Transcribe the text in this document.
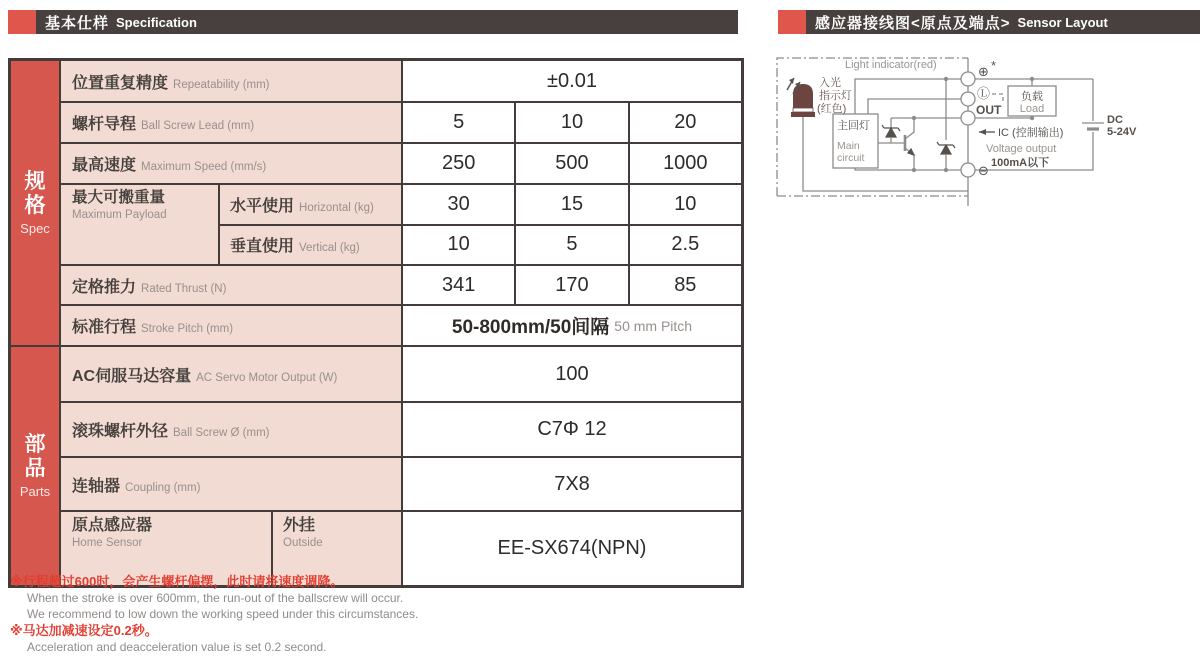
基本仕样 Specification	感应器接线图<原点及端点> Sensor Layout
规
格
Spec
位置重复精度 Repeatability (mm)	±0.01
螺杆导程 Ball Screw Lead (mm)	5	10	20
最高速度 Maximum Speed (mm/s)	250	500	1000
最大可搬重量
Maximum Payload
水平使用 Horizontal (kg)	30	15	10
垂直使用 Vertical (kg)	10	5	2.5
定格推力 Rated Thrust (N)	341	170	85
标准行程 Stroke Pitch (mm)	50-800mm/50间隔 50 mm Pitch
部
品
Parts
AC伺服马达容量 AC Servo Motor Output (W)	100
滚珠螺杆外径 Ball Screw Ø (mm)	C7Φ 12
连轴器 Coupling (mm)	7X8
原点感应器
Home Sensor
外挂
Outside	EE-SX674(NPN)
※行程超过600时，会产生螺杆偏摆，此时请将速度调降。
When the stroke is over 600mm, the run-out of the ballscrew will occur.
We recommend to low down the working speed under this circumstances.
※马达加减速设定0.2秒。
Acceleration and deacceleration value is set 0.2 second.
Light indicator(red)
入光
指示灯
(红色)
主回灯
Main
circuit
负载
Load
⊕ *
Ⓛ
OUT
⊖
IC (控制输出)
Voltage output
100mA以下
DC
5-24V
